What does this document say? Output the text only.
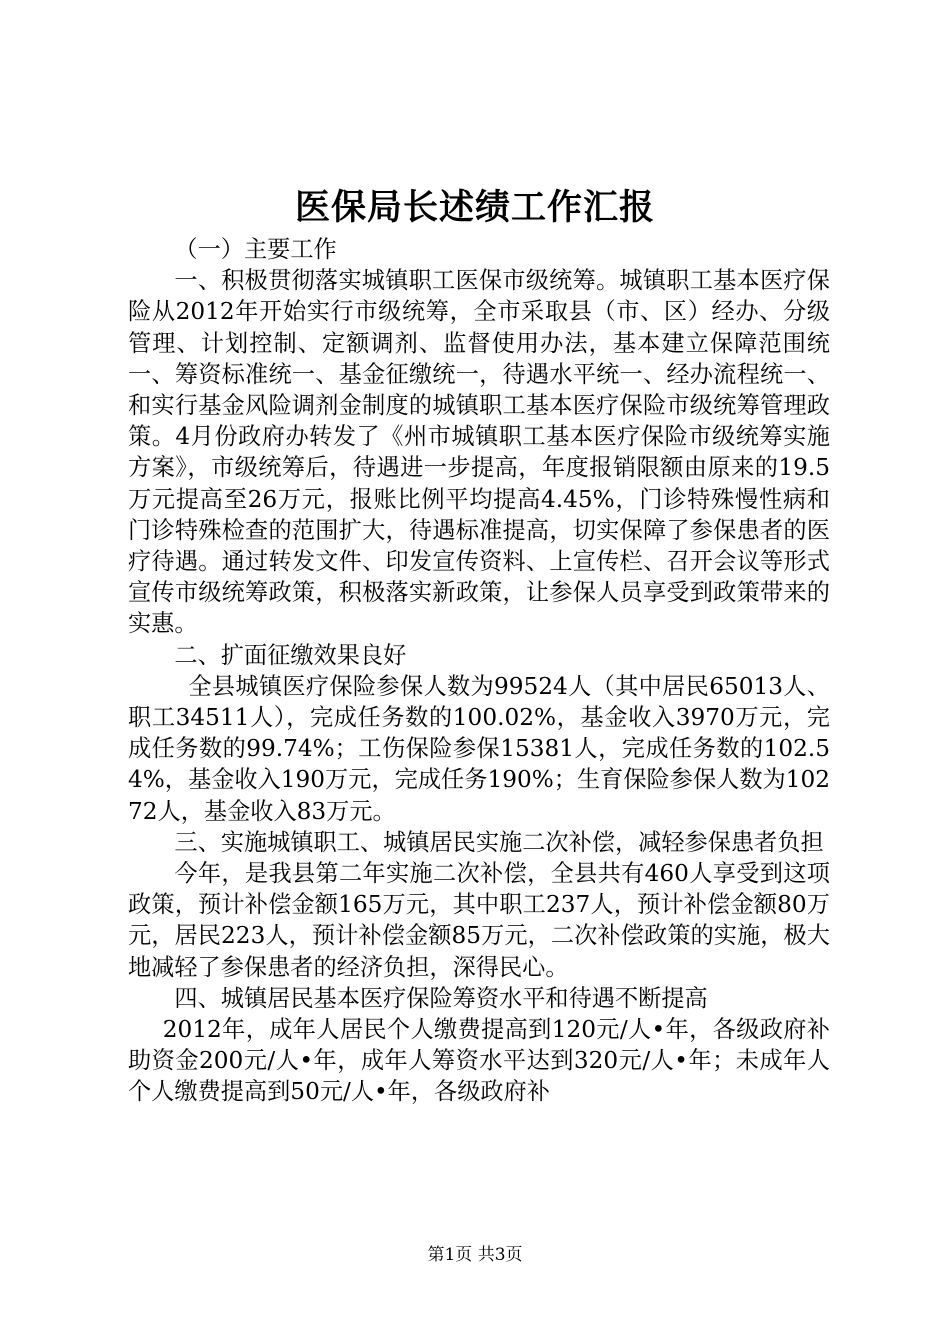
医保局长述绩工作汇报

（一）主要工作

一、积极贯彻落实城镇职工医保市级统筹。城镇职工基本医疗保险从2012年开始实行市级统筹，全市采取县（市、区）经办、分级管理、计划控制、定额调剂、监督使用办法，基本建立保障范围统一、筹资标准统一、基金征缴统一，待遇水平统一、经办流程统一、和实行基金风险调剂金制度的城镇职工基本医疗保险市级统筹管理政策。4月份政府办转发了《州市城镇职工基本医疗保险市级统筹实施方案》，市级统筹后，待遇进一步提高，年度报销限额由原来的19.5万元提高至26万元，报账比例平均提高4.45%，门诊特殊慢性病和门诊特殊检查的范围扩大，待遇标准提高，切实保障了参保患者的医疗待遇。通过转发文件、印发宣传资料、上宣传栏、召开会议等形式宣传市级统筹政策，积极落实新政策，让参保人员享受到政策带来的实惠。

二、扩面征缴效果良好

全县城镇医疗保险参保人数为99524人（其中居民65013人、职工34511人），完成任务数的100.02%，基金收入3970万元，完成任务数的99.74%；工伤保险参保15381人，完成任务数的102.54%，基金收入190万元，完成任务190%；生育保险参保人数为10272人，基金收入83万元。

三、实施城镇职工、城镇居民实施二次补偿，减轻参保患者负担

今年，是我县第二年实施二次补偿，全县共有460人享受到这项政策，预计补偿金额165万元，其中职工237人，预计补偿金额80万元，居民223人，预计补偿金额85万元，二次补偿政策的实施，极大地减轻了参保患者的经济负担，深得民心。

四、城镇居民基本医疗保险筹资水平和待遇不断提高

2012年，成年人居民个人缴费提高到120元/人•年，各级政府补助资金200元/人•年，成年人筹资水平达到320元/人•年；未成年人个人缴费提高到50元/人•年，各级政府补

第1页 共3页
